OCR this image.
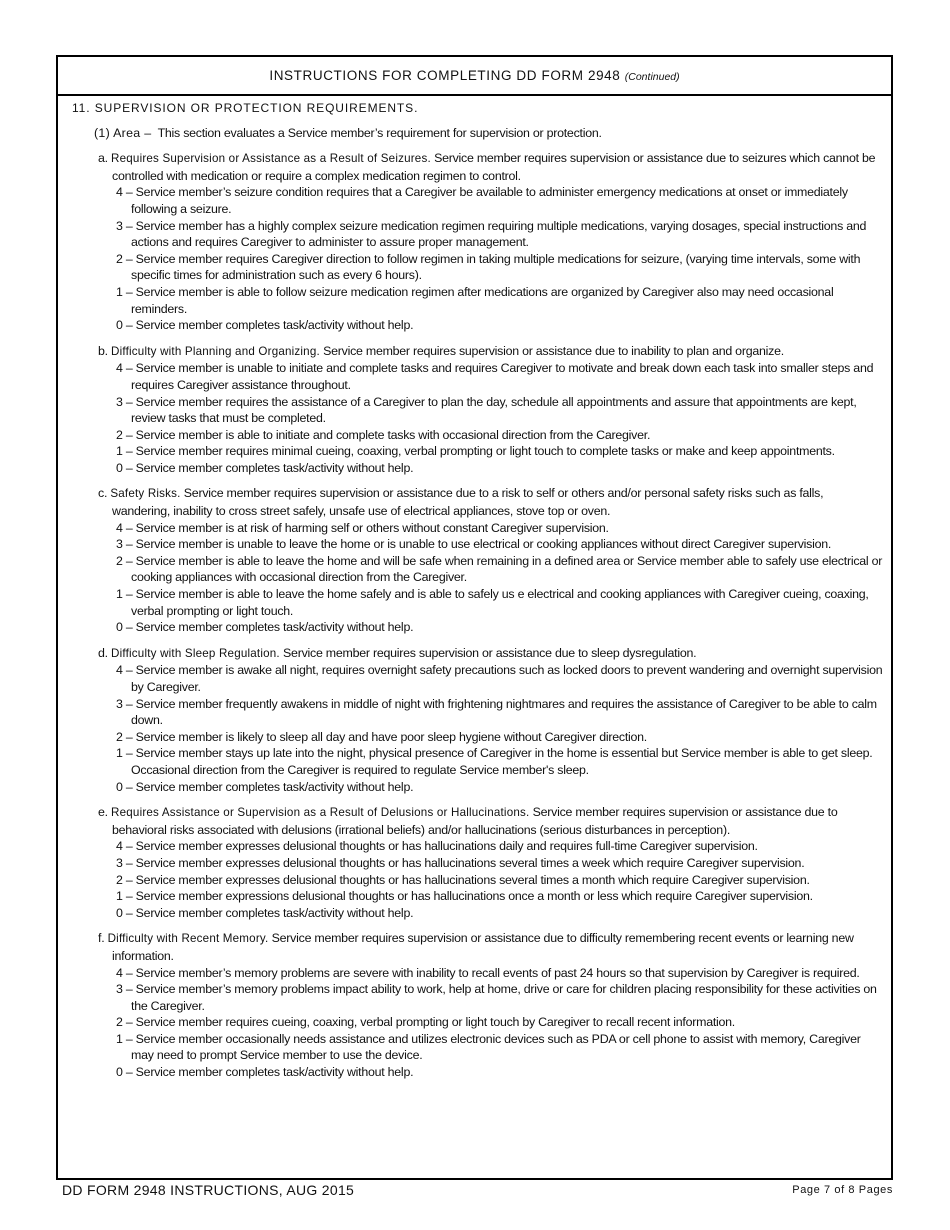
INSTRUCTIONS FOR COMPLETING DD FORM 2948 (Continued)
11. SUPERVISION OR PROTECTION REQUIREMENTS.
(1) Area – This section evaluates a Service member’s requirement for supervision or protection.
a. Requires Supervision or Assistance as a Result of Seizures. Service member requires supervision or assistance due to seizures which cannot be controlled with medication or require a complex medication regimen to control.
4 – Service member’s seizure condition requires that a Caregiver be available to administer emergency medications at onset or immediately following a seizure.
3 – Service member has a highly complex seizure medication regimen requiring multiple medications, varying dosages, special instructions and actions and requires Caregiver to administer to assure proper management.
2 – Service member requires Caregiver direction to follow regimen in taking multiple medications for seizure, (varying time intervals, some with specific times for administration such as every 6 hours).
1 – Service member is able to follow seizure medication regimen after medications are organized by Caregiver also may need occasional reminders.
0 – Service member completes task/activity without help.
b. Difficulty with Planning and Organizing. Service member requires supervision or assistance due to inability to plan and organize.
4 – Service member is unable to initiate and complete tasks and requires Caregiver to motivate and break down each task into smaller steps and requires Caregiver assistance throughout.
3 – Service member requires the assistance of a Caregiver to plan the day, schedule all appointments and assure that appointments are kept, review tasks that must be completed.
2 – Service member is able to initiate and complete tasks with occasional direction from the Caregiver.
1 – Service member requires minimal cueing, coaxing, verbal prompting or light touch to complete tasks or make and keep appointments.
0 – Service member completes task/activity without help.
c. Safety Risks. Service member requires supervision or assistance due to a risk to self or others and/or personal safety risks such as falls, wandering, inability to cross street safely, unsafe use of electrical appliances, stove top or oven.
4 – Service member is at risk of harming self or others without constant Caregiver supervision.
3 – Service member is unable to leave the home or is unable to use electrical or cooking appliances without direct Caregiver supervision.
2 – Service member is able to leave the home and will be safe when remaining in a defined area or Service member able to safely use electrical or cooking appliances with occasional direction from the Caregiver.
1 – Service member is able to leave the home safely and is able to safely us e electrical and cooking appliances with Caregiver cueing, coaxing, verbal prompting or light touch.
0 – Service member completes task/activity without help.
d. Difficulty with Sleep Regulation. Service member requires supervision or assistance due to sleep dysregulation.
4 – Service member is awake all night, requires overnight safety precautions such as locked doors to prevent wandering and overnight supervision by Caregiver.
3 – Service member frequently awakens in middle of night with frightening nightmares and requires the assistance of Caregiver to be able to calm down.
2 – Service member is likely to sleep all day and have poor sleep hygiene without Caregiver direction.
1 – Service member stays up late into the night, physical presence of Caregiver in the home is essential but Service member is able to get sleep. Occasional direction from the Caregiver is required to regulate Service member's sleep.
0 – Service member completes task/activity without help.
e. Requires Assistance or Supervision as a Result of Delusions or Hallucinations. Service member requires supervision or assistance due to behavioral risks associated with delusions (irrational beliefs) and/or hallucinations (serious disturbances in perception).
4 – Service member expresses delusional thoughts or has hallucinations daily and requires full-time Caregiver supervision.
3 – Service member expresses delusional thoughts or has hallucinations several times a week which require Caregiver supervision.
2 – Service member expresses delusional thoughts or has hallucinations several times a month which require Caregiver supervision.
1 – Service member expressions delusional thoughts or has hallucinations once a month or less which require Caregiver supervision.
0 – Service member completes task/activity without help.
f. Difficulty with Recent Memory. Service member requires supervision or assistance due to difficulty remembering recent events or learning new information.
4 – Service member’s memory problems are severe with inability to recall events of past 24 hours so that supervision by Caregiver is required.
3 – Service member’s memory problems impact ability to work, help at home, drive or care for children placing responsibility for these activities on the Caregiver.
2 – Service member requires cueing, coaxing, verbal prompting or light touch by Caregiver to recall recent information.
1 – Service member occasionally needs assistance and utilizes electronic devices such as PDA or cell phone to assist with memory, Caregiver may need to prompt Service member to use the device.
0 – Service member completes task/activity without help.
DD FORM 2948 INSTRUCTIONS, AUG 2015	Page 7 of 8 Pages
